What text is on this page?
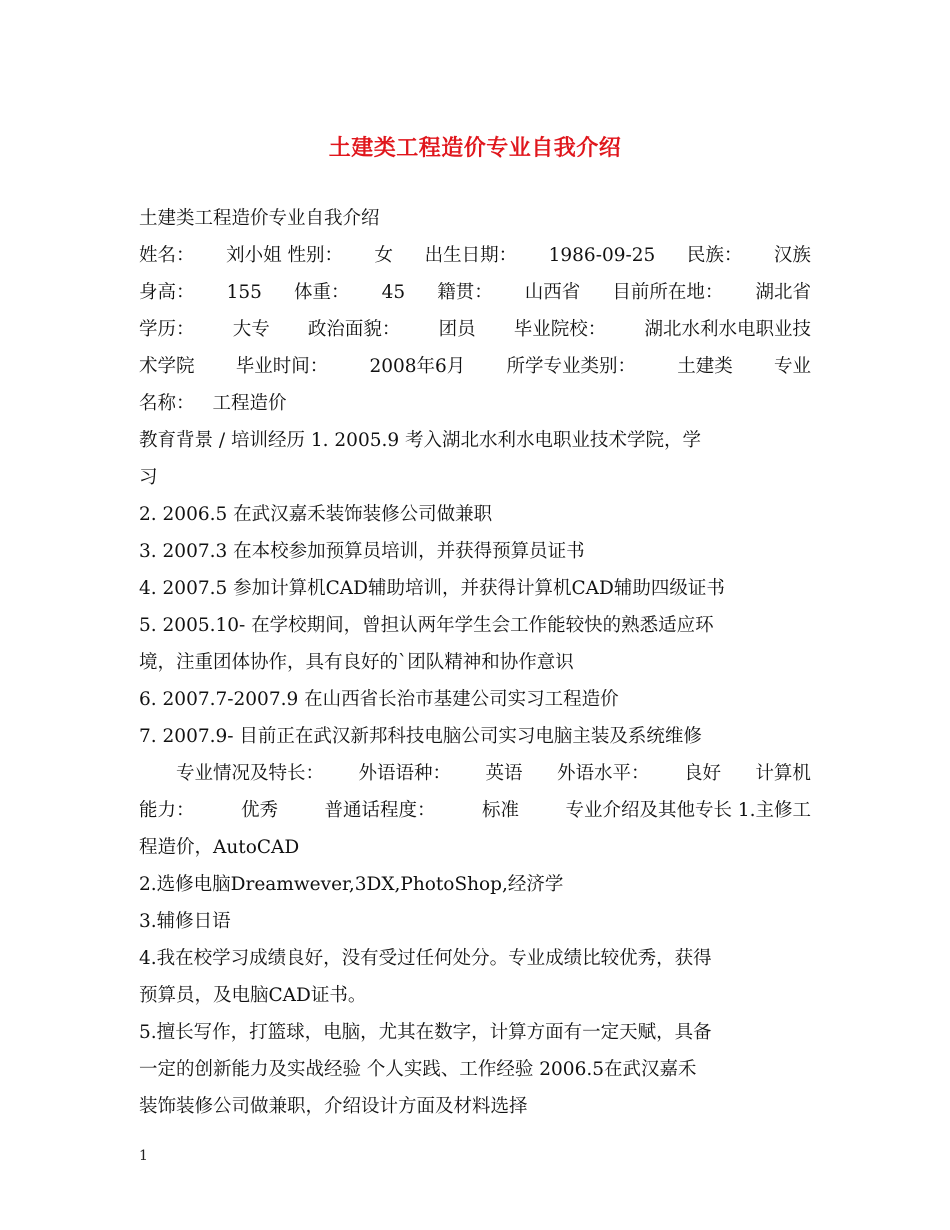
土建类工程造价专业自我介绍
土建类工程造价专业自我介绍
姓名： 刘小姐 性别： 女 出生日期： 1986-09-25 民族： 汉族
身高： 155 体重： 45 籍贯： 山西省 目前所在地： 湖北省
学历： 大专 政治面貌： 团员 毕业院校： 湖北水利水电职业技
术学院 毕业时间： 2008年6月 所学专业类别： 土建类 专业
名称： 工程造价
教育背景 / 培训经历 1. 2005.9 考入湖北水利水电职业技术学院，学
习
2. 2006.5 在武汉嘉禾装饰装修公司做兼职
3. 2007.3 在本校参加预算员培训，并获得预算员证书
4. 2007.5 参加计算机CAD辅助培训，并获得计算机CAD辅助四级证书
5. 2005.10- 在学校期间，曾担认两年学生会工作能较快的熟悉适应环
境，注重团体协作，具有良好的`团队精神和协作意识
6. 2007.7-2007.9 在山西省长治市基建公司实习工程造价
7. 2007.9- 目前正在武汉新邦科技电脑公司实习电脑主装及系统维修
专业情况及特长： 外语语种： 英语 外语水平： 良好 计算机
能力：	优秀	普通话程度：	标准	专业介绍及其他专长 1.主修工
程造价，AutoCAD
2.选修电脑Dreamwever,3DX,PhotoShop,经济学
3.辅修日语
4.我在校学习成绩良好，没有受过任何处分。专业成绩比较优秀，获得
预算员，及电脑CAD证书。
5.擅长写作，打篮球，电脑，尤其在数字，计算方面有一定天赋，具备
一定的创新能力及实战经验 个人实践、工作经验 2006.5在武汉嘉禾
装饰装修公司做兼职，介绍设计方面及材料选择
1
